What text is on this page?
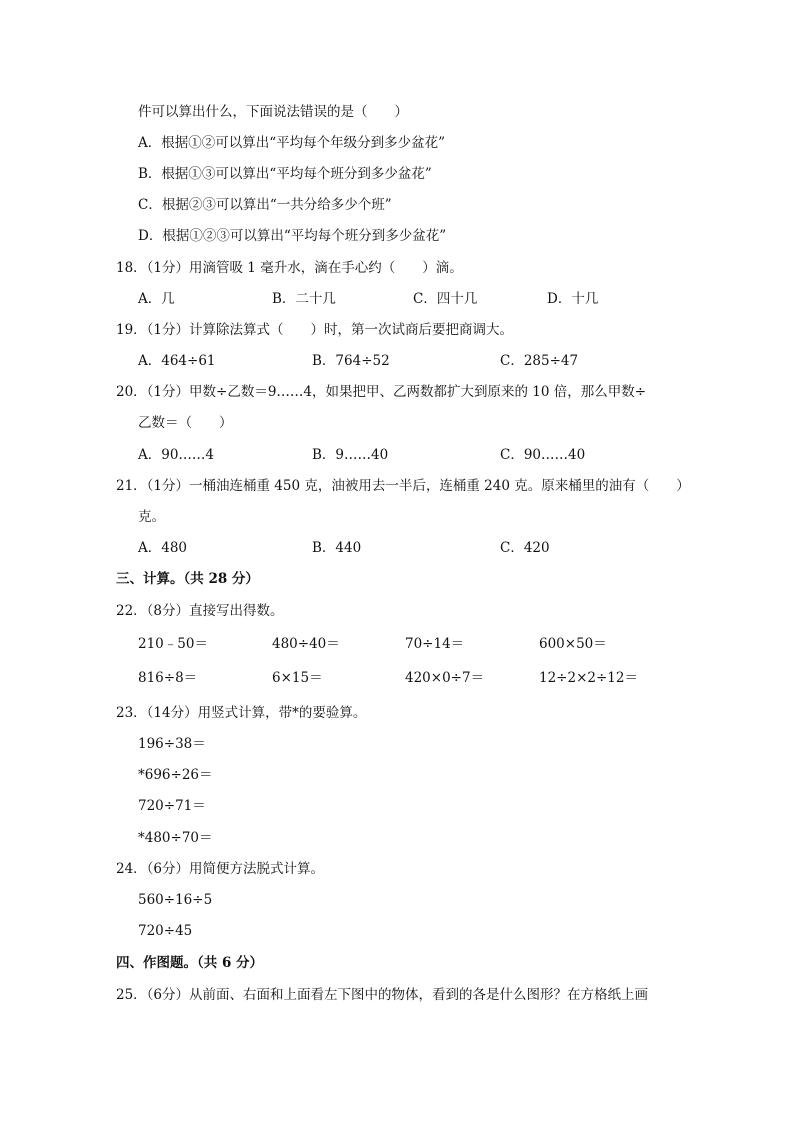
件可以算出什么，下面说法错误的是（　　）
A．根据①②可以算出“平均每个年级分到多少盆花”
B．根据①③可以算出“平均每个班分到多少盆花”
C．根据②③可以算出“一共分给多少个班”
D．根据①②③可以算出“平均每个班分到多少盆花”
18．（1分）用滴管吸 1 毫升水，滴在手心约（　　）滴。
A．几	B．二十几	C．四十几	D．十几
19．（1分）计算除法算式（　　）时，第一次试商后要把商调大。
A．464÷61	B．764÷52	C．285÷47
20．（1分）甲数÷乙数＝9……4，如果把甲、乙两数都扩大到原来的 10 倍，那么甲数÷
乙数＝（　　）
A．90……4	B．9……40	C．90……40
21．（1分）一桶油连桶重 450 克，油被用去一半后，连桶重 240 克。原来桶里的油有（　　）
克。
A．480	B．440	C．420
三、计算。（共 28 分）
22．（8分）直接写出得数。
210﹣50＝	480÷40＝	70÷14＝	600×50＝
816÷8＝	6×15＝	420×0÷7＝	12÷2×2÷12＝
23．（14分）用竖式计算，带*的要验算。
196÷38＝
*696÷26＝
720÷71＝
*480÷70＝
24．（6分）用简便方法脱式计算。
560÷16÷5
720÷45
四、作图题。（共 6 分）
25．（6分）从前面、右面和上面看左下图中的物体，看到的各是什么图形？在方格纸上画
